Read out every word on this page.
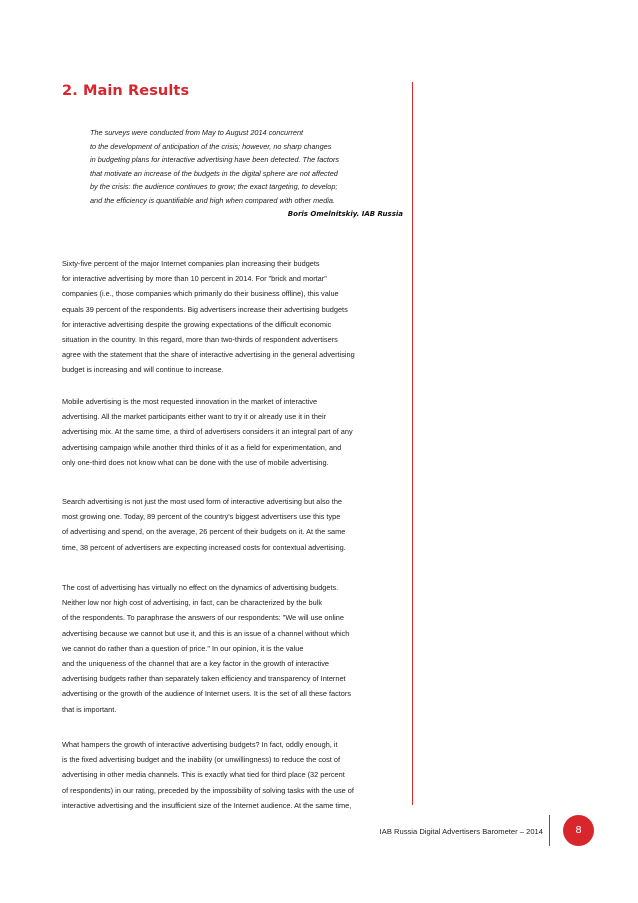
2. Main Results
The surveys were conducted from May to August 2014 concurrent
to the development of anticipation of the crisis; however, no sharp changes
in budgeting plans for interactive advertising have been detected. The factors
that motivate an increase of the budgets in the digital sphere are not affected
by the crisis: the audience continues to grow; the exact targeting, to develop;
and the efficiency is quantifiable and high when compared with other media.
Boris Omelnitskiy. IAB Russia
Sixty-five percent of the major Internet companies plan increasing their budgets
for interactive advertising by more than 10 percent in 2014. For "brick and mortar"
companies (i.e., those companies which primarily do their business offline), this value
equals 39 percent of the respondents. Big advertisers increase their advertising budgets
for interactive advertising despite the growing expectations of the difficult economic
situation in the country. In this regard, more than two-thirds of respondent advertisers
agree with the statement that the share of interactive advertising in the general advertising
budget is increasing and will continue to increase.
Mobile advertising is the most requested innovation in the market of interactive
advertising. All the market participants either want to try it or already use it in their
advertising mix. At the same time, a third of advertisers considers it an integral part of any
advertising campaign while another third thinks of it as a field for experimentation, and
only one-third does not know what can be done with the use of mobile advertising.
Search advertising is not just the most used form of interactive advertising but also the
most growing one. Today, 89 percent of the country's biggest advertisers use this type
of advertising and spend, on the average, 26 percent of their budgets on it. At the same
time, 38 percent of advertisers are expecting increased costs for contextual advertising.
The cost of advertising has virtually no effect on the dynamics of advertising budgets.
Neither low nor high cost of advertising, in fact, can be characterized by the bulk
of the respondents. To paraphrase the answers of our respondents: "We will use online
advertising because we cannot but use it, and this is an issue of a channel without which
we cannot do rather than a question of price." In our opinion, it is the value
and the uniqueness of the channel that are a key factor in the growth of interactive
advertising budgets rather than separately taken efficiency and transparency of Internet
advertising or the growth of the audience of Internet users. It is the set of all these factors
that is important.
What hampers the growth of interactive advertising budgets? In fact, oddly enough, it
is the fixed advertising budget and the inability (or unwillingness) to reduce the cost of
advertising in other media channels. This is exactly what tied for third place (32 percent
of respondents) in our rating, preceded by the impossibility of solving tasks with the use of
interactive advertising and the insufficient size of the Internet audience. At the same time,
IAB Russia Digital Advertisers Barometer – 2014	8
